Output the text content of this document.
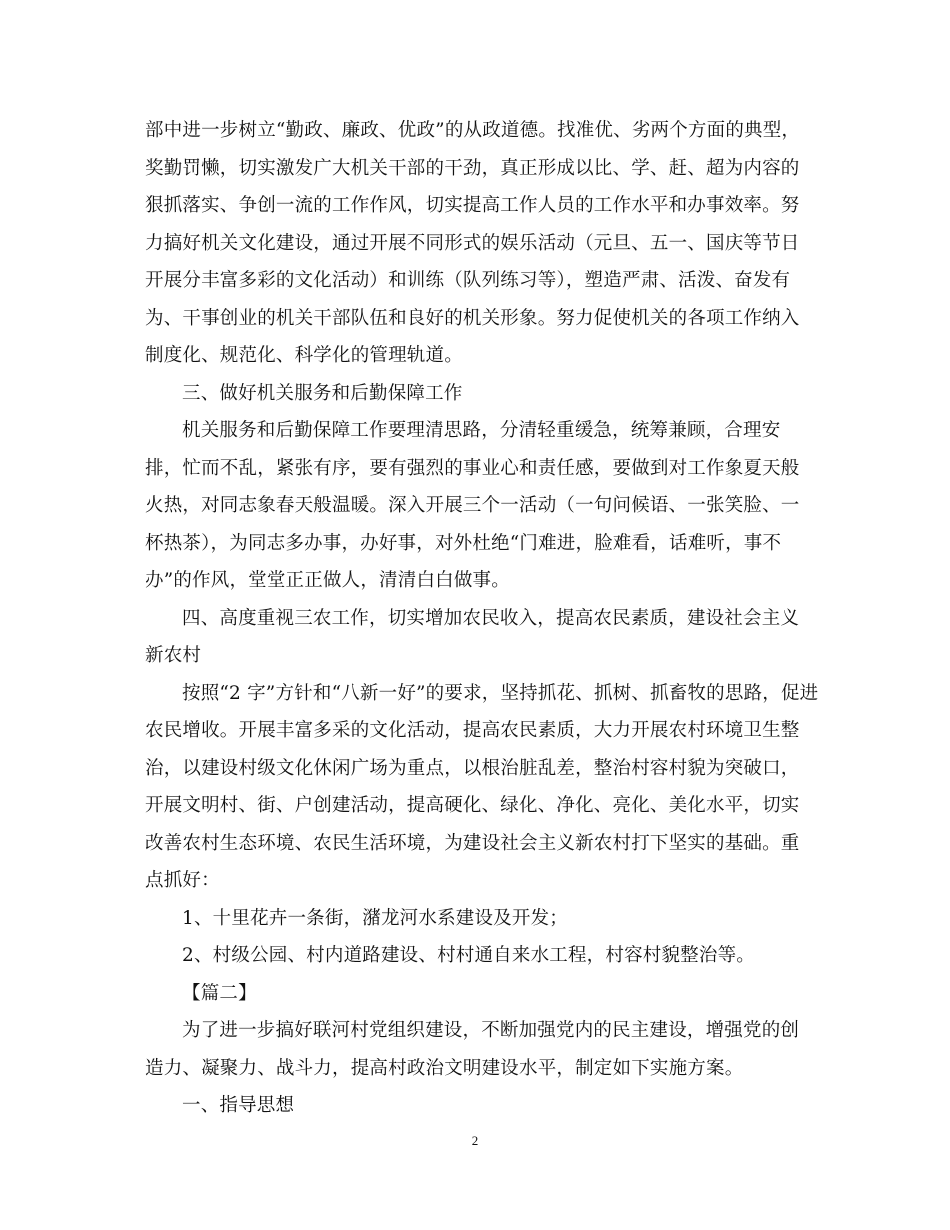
部中进一步树立“勤政、廉政、优政”的从政道德。找准优、劣两个方面的典型，
奖勤罚懒，切实激发广大机关干部的干劲，真正形成以比、学、赶、超为内容的
狠抓落实、争创一流的工作作风，切实提高工作人员的工作水平和办事效率。努
力搞好机关文化建设，通过开展不同形式的娱乐活动（元旦、五一、国庆等节日
开展分丰富多彩的文化活动）和训练（队列练习等），塑造严肃、活泼、奋发有
为、干事创业的机关干部队伍和良好的机关形象。努力促使机关的各项工作纳入
制度化、规范化、科学化的管理轨道。
三、做好机关服务和后勤保障工作
机关服务和后勤保障工作要理清思路，分清轻重缓急，统筹兼顾，合理安
排，忙而不乱，紧张有序，要有强烈的事业心和责任感，要做到对工作象夏天般
火热，对同志象春天般温暖。深入开展三个一活动（一句问候语、一张笑脸、一
杯热茶），为同志多办事，办好事，对外杜绝“门难进，脸难看，话难听，事不
办”的作风，堂堂正正做人，清清白白做事。
四、高度重视三农工作，切实增加农民收入，提高农民素质，建设社会主义
新农村
按照“2 字”方针和“八新一好”的要求，坚持抓花、抓树、抓畜牧的思路，促进
农民增收。开展丰富多采的文化活动，提高农民素质，大力开展农村环境卫生整
治，以建设村级文化休闲广场为重点，以根治脏乱差，整治村容村貌为突破口，
开展文明村、街、户创建活动，提高硬化、绿化、净化、亮化、美化水平，切实
改善农村生态环境、农民生活环境，为建设社会主义新农村打下坚实的基础。重
点抓好：
1、十里花卉一条街，潴龙河水系建设及开发；
2、村级公园、村内道路建设、村村通自来水工程，村容村貌整治等。
【篇二】
为了进一步搞好联河村党组织建设，不断加强党内的民主建设，增强党的创
造力、凝聚力、战斗力，提高村政治文明建设水平，制定如下实施方案。
一、指导思想
2
